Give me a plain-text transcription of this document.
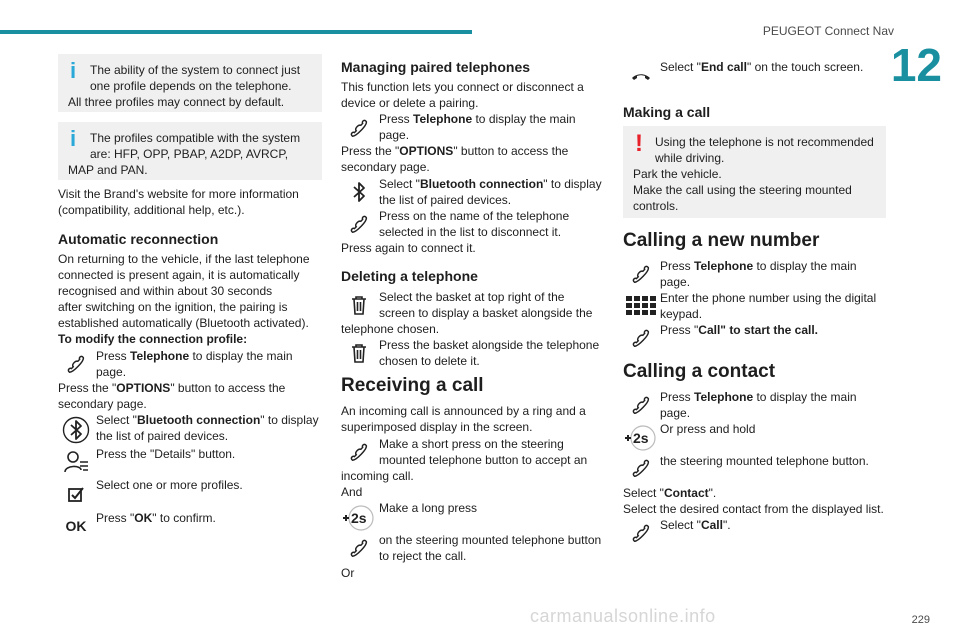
PEUGEOT Connect Nav
12
229
carmanualsonline.info
i	The ability of the system to connect just
one profile depends on the telephone.
All three profiles may connect by default.
i	The profiles compatible with the system
are: HFP, OPP, PBAP, A2DP, AVRCP,
MAP and PAN.
Visit the Brand's website for more information
(compatibility, additional help, etc.).
Automatic reconnection
On returning to the vehicle, if the last telephone
connected is present again, it is automatically
recognised and within about 30 seconds
after switching on the ignition, the pairing is
established automatically (Bluetooth activated).
To modify the connection profile:
Press Telephone to display the main
page.
Press the "OPTIONS" button to access the
secondary page.
Select "Bluetooth connection" to display
the list of paired devices.
Press the "Details" button.
Select one or more profiles.
OK Press "OK" to confirm.
Managing paired telephones
This function lets you connect or disconnect a
device or delete a pairing.
Press Telephone to display the main
page.
Press the "OPTIONS" button to access the
secondary page.
Select "Bluetooth connection" to display
the list of paired devices.
Press on the name of the telephone
selected in the list to disconnect it.
Press again to connect it.
Deleting a telephone
Select the basket at top right of the
screen to display a basket alongside the
telephone chosen.
Press the basket alongside the telephone
chosen to delete it.
Receiving a call
An incoming call is announced by a ring and a
superimposed display in the screen.
Make a short press on the steering
mounted telephone button to accept an
incoming call.
And
2s
Make a long press
on the steering mounted telephone button
to reject the call.
Or
Select "End call" on the touch screen.
Making a call
!	Using the telephone is not recommended
while driving.
Park the vehicle.
Make the call using the steering mounted
controls.
Calling a new number
Press Telephone to display the main
page.
Enter the phone number using the digital
keypad.
Press "Call" to start the call.
Calling a contact
Press Telephone to display the main
page.
2s
Or press and hold
the steering mounted telephone button.
Select "Contact".
Select the desired contact from the displayed list.
Select "Call".
